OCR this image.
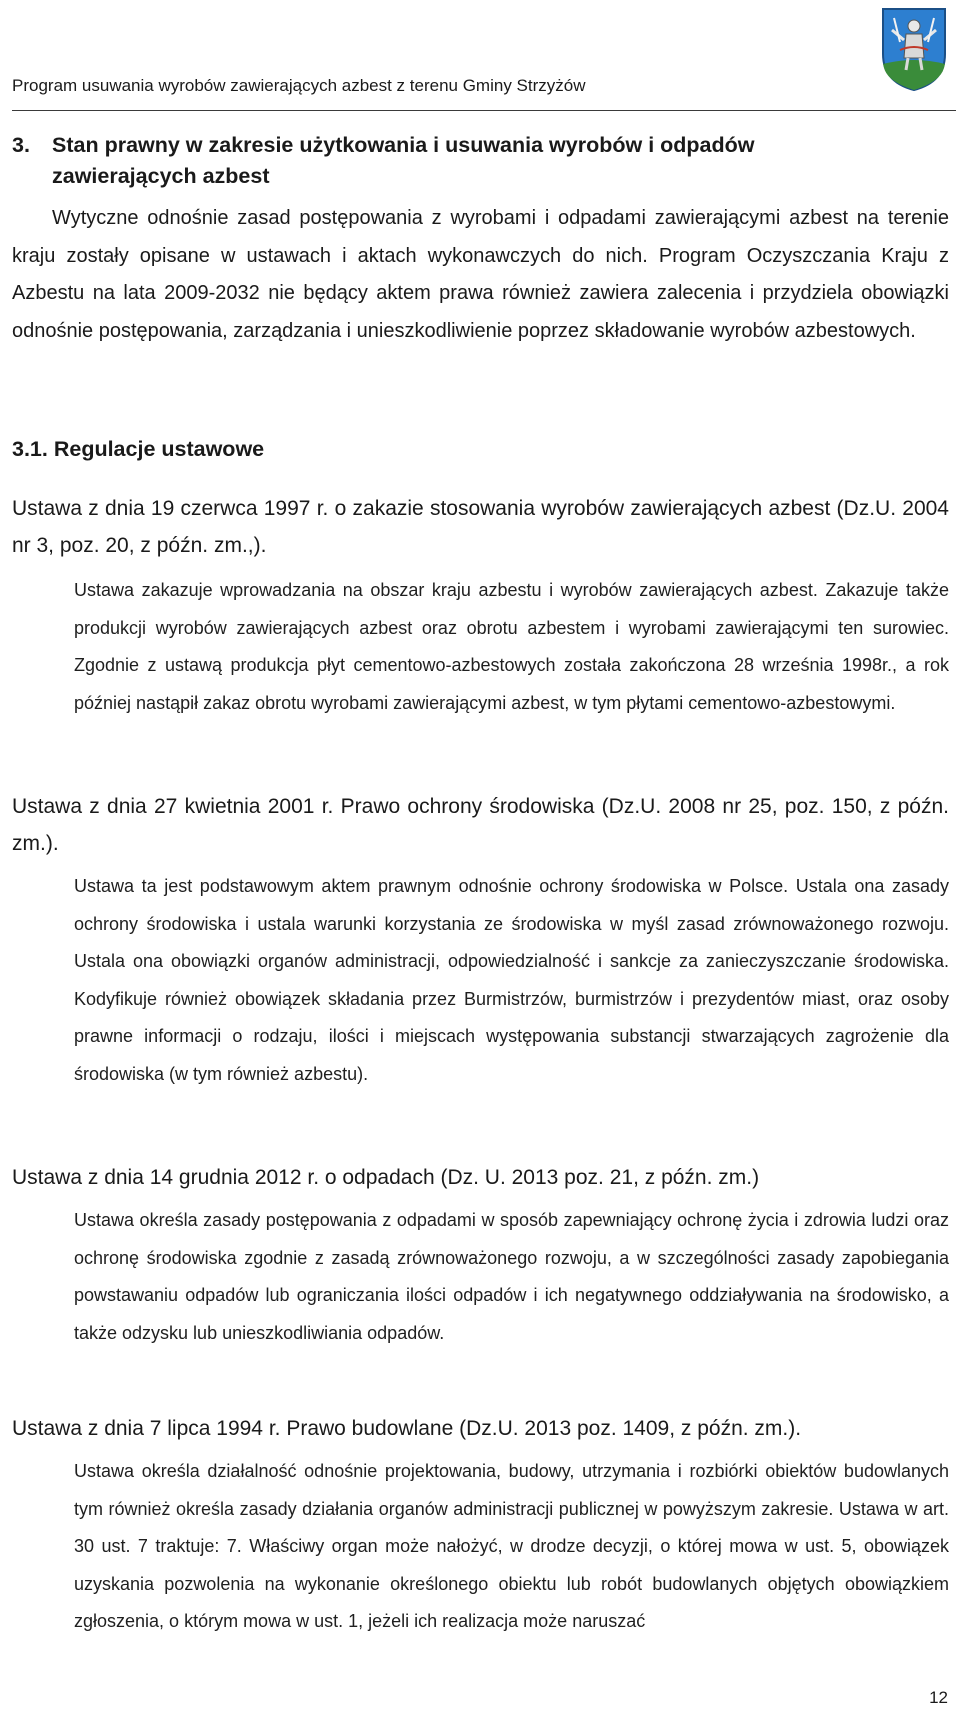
Program usuwania wyrobów zawierających azbest z terenu Gminy Strzyżów
3. Stan prawny w zakresie użytkowania i usuwania wyrobów i odpadów
zawierających azbest

Wytyczne odnośnie zasad postępowania z wyrobami i odpadami zawierającymi azbest na terenie kraju zostały opisane w ustawach i aktach wykonawczych do nich. Program Oczyszczania Kraju z Azbestu na lata 2009-2032 nie będący aktem prawa również zawiera zalecenia i przydziela obowiązki odnośnie postępowania, zarządzania i unieszkodliwienie poprzez składowanie wyrobów azbestowych.

3.1. Regulacje ustawowe

Ustawa z dnia 19 czerwca 1997 r. o zakazie stosowania wyrobów zawierających azbest (Dz.U. 2004 nr 3, poz. 20, z późn. zm.,).

Ustawa zakazuje wprowadzania na obszar kraju azbestu i wyrobów zawierających azbest. Zakazuje także produkcji wyrobów zawierających azbest oraz obrotu azbestem i wyrobami zawierającymi ten surowiec. Zgodnie z ustawą produkcja płyt cementowo-azbestowych została zakończona 28 września 1998r., a rok później nastąpił zakaz obrotu wyrobami zawierającymi azbest, w tym płytami cementowo-azbestowymi.

Ustawa z dnia 27 kwietnia 2001 r. Prawo ochrony środowiska (Dz.U. 2008 nr 25, poz. 150, z późn. zm.).

Ustawa ta jest podstawowym aktem prawnym odnośnie ochrony środowiska w Polsce. Ustala ona zasady ochrony środowiska i ustala warunki korzystania ze środowiska w myśl zasad zrównoważonego rozwoju. Ustala ona obowiązki organów administracji, odpowiedzialność i sankcje za zanieczyszczanie środowiska. Kodyfikuje również obowiązek składania przez Burmistrzów, burmistrzów i prezydentów miast, oraz osoby prawne informacji o rodzaju, ilości i miejscach występowania substancji stwarzających zagrożenie dla środowiska (w tym również azbestu).

Ustawa z dnia 14 grudnia 2012 r. o odpadach (Dz. U. 2013 poz. 21, z późn. zm.)

Ustawa określa zasady postępowania z odpadami w sposób zapewniający ochronę życia i zdrowia ludzi oraz ochronę środowiska zgodnie z zasadą zrównoważonego rozwoju, a w szczególności zasady zapobiegania powstawaniu odpadów lub ograniczania ilości odpadów i ich negatywnego oddziaływania na środowisko, a także odzysku lub unieszkodliwiania odpadów.

Ustawa z dnia 7 lipca 1994 r. Prawo budowlane (Dz.U. 2013 poz. 1409, z późn. zm.).

Ustawa określa działalność odnośnie projektowania, budowy, utrzymania i rozbiórki obiektów budowlanych tym również określa zasady działania organów administracji publicznej w powyższym zakresie. Ustawa w art. 30 ust. 7 traktuje: 7. Właściwy organ może nałożyć, w drodze decyzji, o której mowa w ust. 5, obowiązek uzyskania pozwolenia na wykonanie określonego obiektu lub robót budowlanych objętych obowiązkiem zgłoszenia, o którym mowa w ust. 1, jeżeli ich realizacja może naruszać

12
